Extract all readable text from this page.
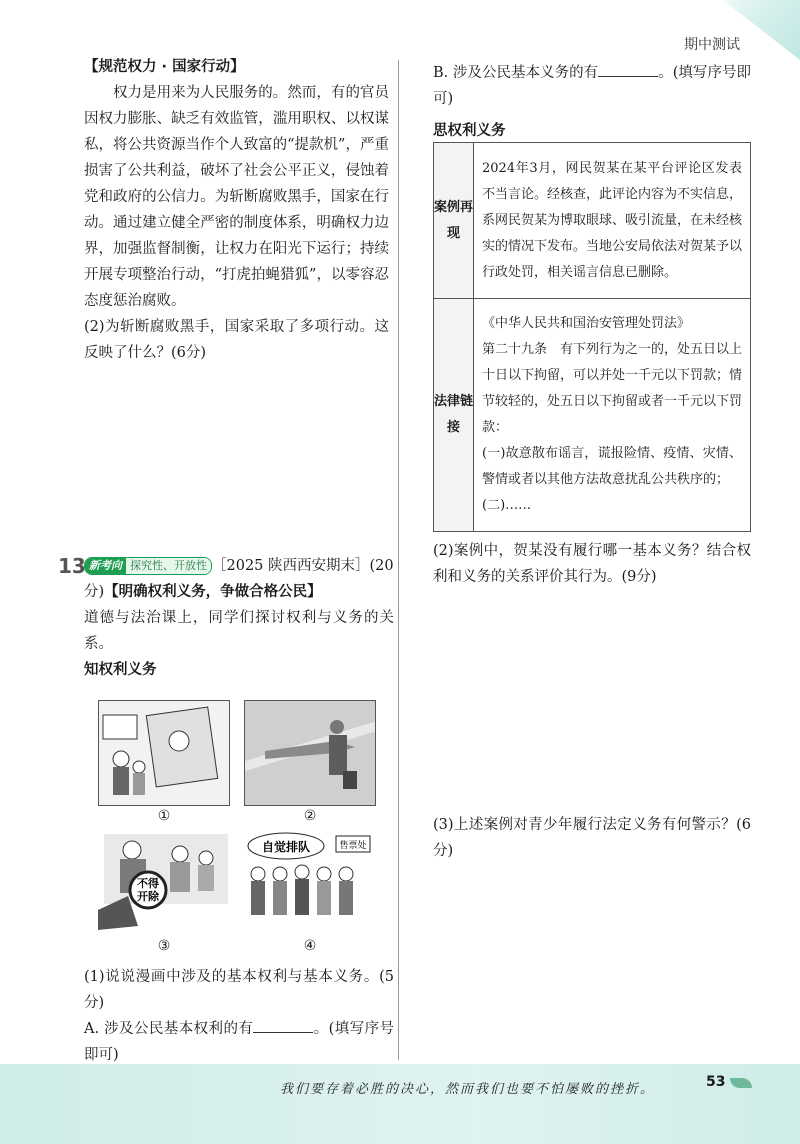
期中测试
【规范权力 · 国家行动】
权力是用来为人民服务的。然而，有的官员因权力膨胀、缺乏有效监管，滥用职权、以权谋私，将公共资源当作个人致富的“提款机”，严重损害了公共利益，破坏了社会公平正义，侵蚀着党和政府的公信力。为斩断腐败黑手，国家在行动。通过建立健全严密的制度体系，明确权力边界，加强监督制衡，让权力在阳光下运行；持续开展专项整治行动，“打虎拍蝇猎狐”，以零容忍态度惩治腐败。
(2)为斩断腐败黑手，国家采取了多项行动。这反映了什么？(6分)
13 新考向 探究性、开放性 ［2025 陕西西安期末］(20
分)【明确权利义务，争做合格公民】
道德与法治课上，同学们探讨权利与义务的关系。
知权利义务
①	②
不得
开除
自觉排队	售票处
③	④
(1)说说漫画中涉及的基本权利与基本义务。(5分)
A. 涉及公民基本权利的有	。(填写序号即可)
B. 涉及公民基本义务的有	。(填写序号即可)
思权利义务
案例再现	2024年3月，网民贺某在某平台评论区发表不当言论。经核查，此评论内容为不实信息，系网民贺某为博取眼球、吸引流量，在未经核实的情况下发布。当地公安局依法对贺某予以行政处罚，相关谣言信息已删除。
法律链接	《中华人民共和国治安管理处罚法》
第二十九条　有下列行为之一的，处五日以上十日以下拘留，可以并处一千元以下罚款；情节较轻的，处五日以下拘留或者一千元以下罚款：
(一)故意散布谣言，谎报险情、疫情、灾情、警情或者以其他方法故意扰乱公共秩序的；
(二)……
(2)案例中，贺某没有履行哪一基本义务？结合权利和义务的关系评价其行为。(9分)
(3)上述案例对青少年履行法定义务有何警示？(6分)
我们要存着必胜的决心，然而我们也要不怕屡败的挫折。	53
